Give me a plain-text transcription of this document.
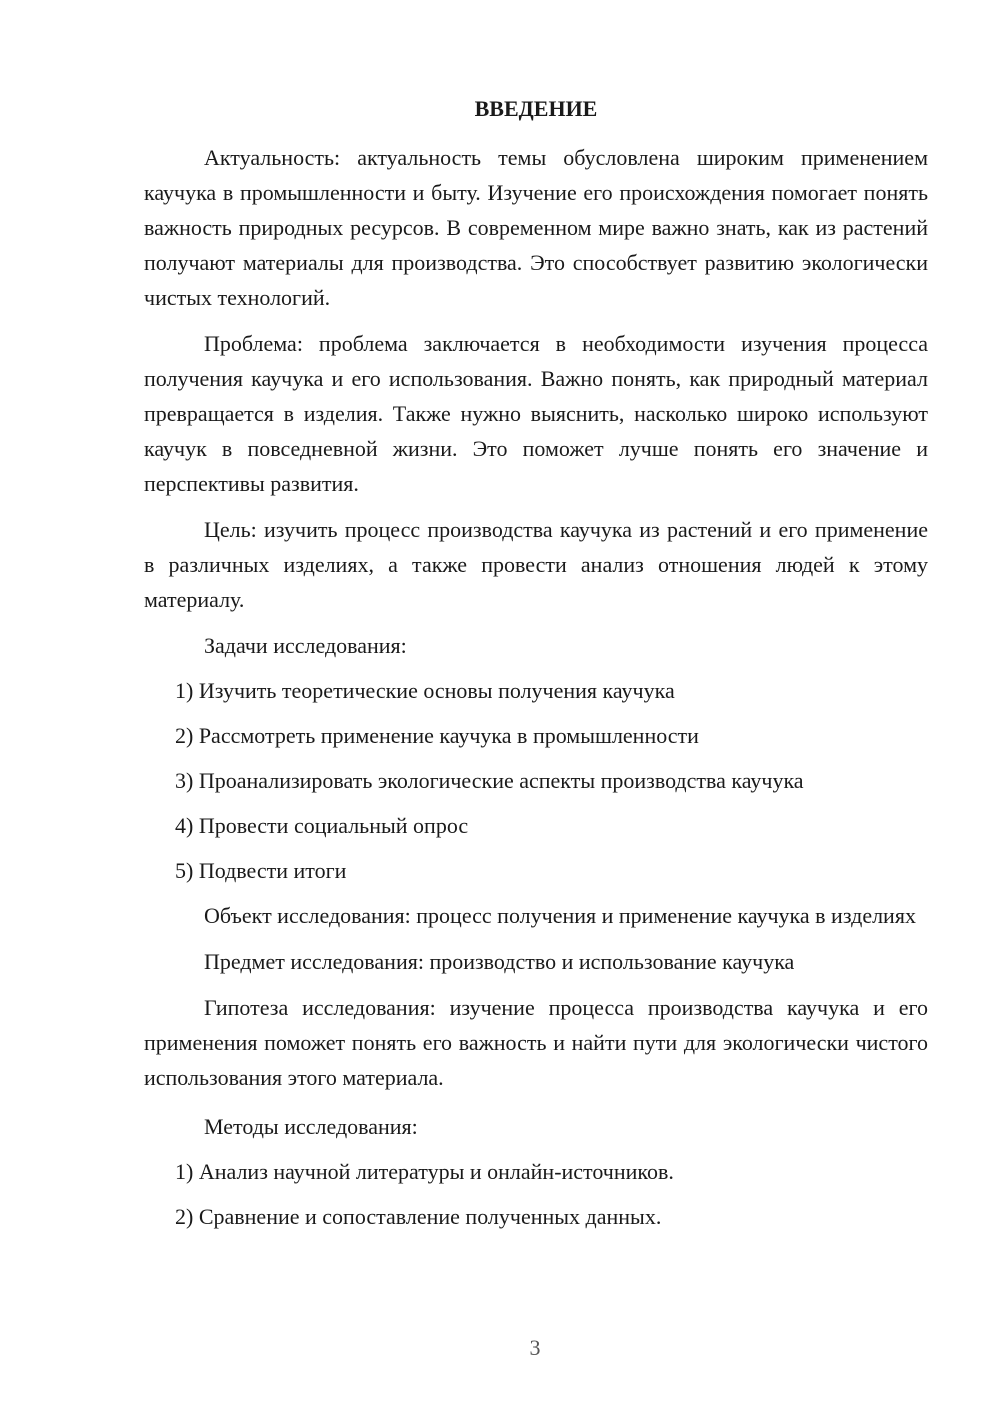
ВВЕДЕНИЕ

Актуальность: актуальность темы обусловлена широким применением каучука в промышленности и быту. Изучение его происхождения помогает понять важность природных ресурсов. В современном мире важно знать, как из растений получают материалы для производства. Это способствует развитию экологически чистых технологий.

Проблема: проблема заключается в необходимости изучения процесса получения каучука и его использования. Важно понять, как природный материал превращается в изделия. Также нужно выяснить, насколько широко используют каучук в повседневной жизни. Это поможет лучше понять его значение и перспективы развития.

Цель: изучить процесс производства каучука из растений и его применение в различных изделиях, а также провести анализ отношения людей к этому материалу.

Задачи исследования:

1) Изучить теоретические основы получения каучука

2) Рассмотреть применение каучука в промышленности

3) Проанализировать экологические аспекты производства каучука

4) Провести социальный опрос

5) Подвести итоги

Объект исследования: процесс получения и применение каучука в изделиях

Предмет исследования: производство и использование каучука

Гипотеза исследования: изучение процесса производства каучука и его применения поможет понять его важность и найти пути для экологически чистого использования этого материала.

Методы исследования:

1) Анализ научной литературы и онлайн-источников.

2) Сравнение и сопоставление полученных данных.

3
